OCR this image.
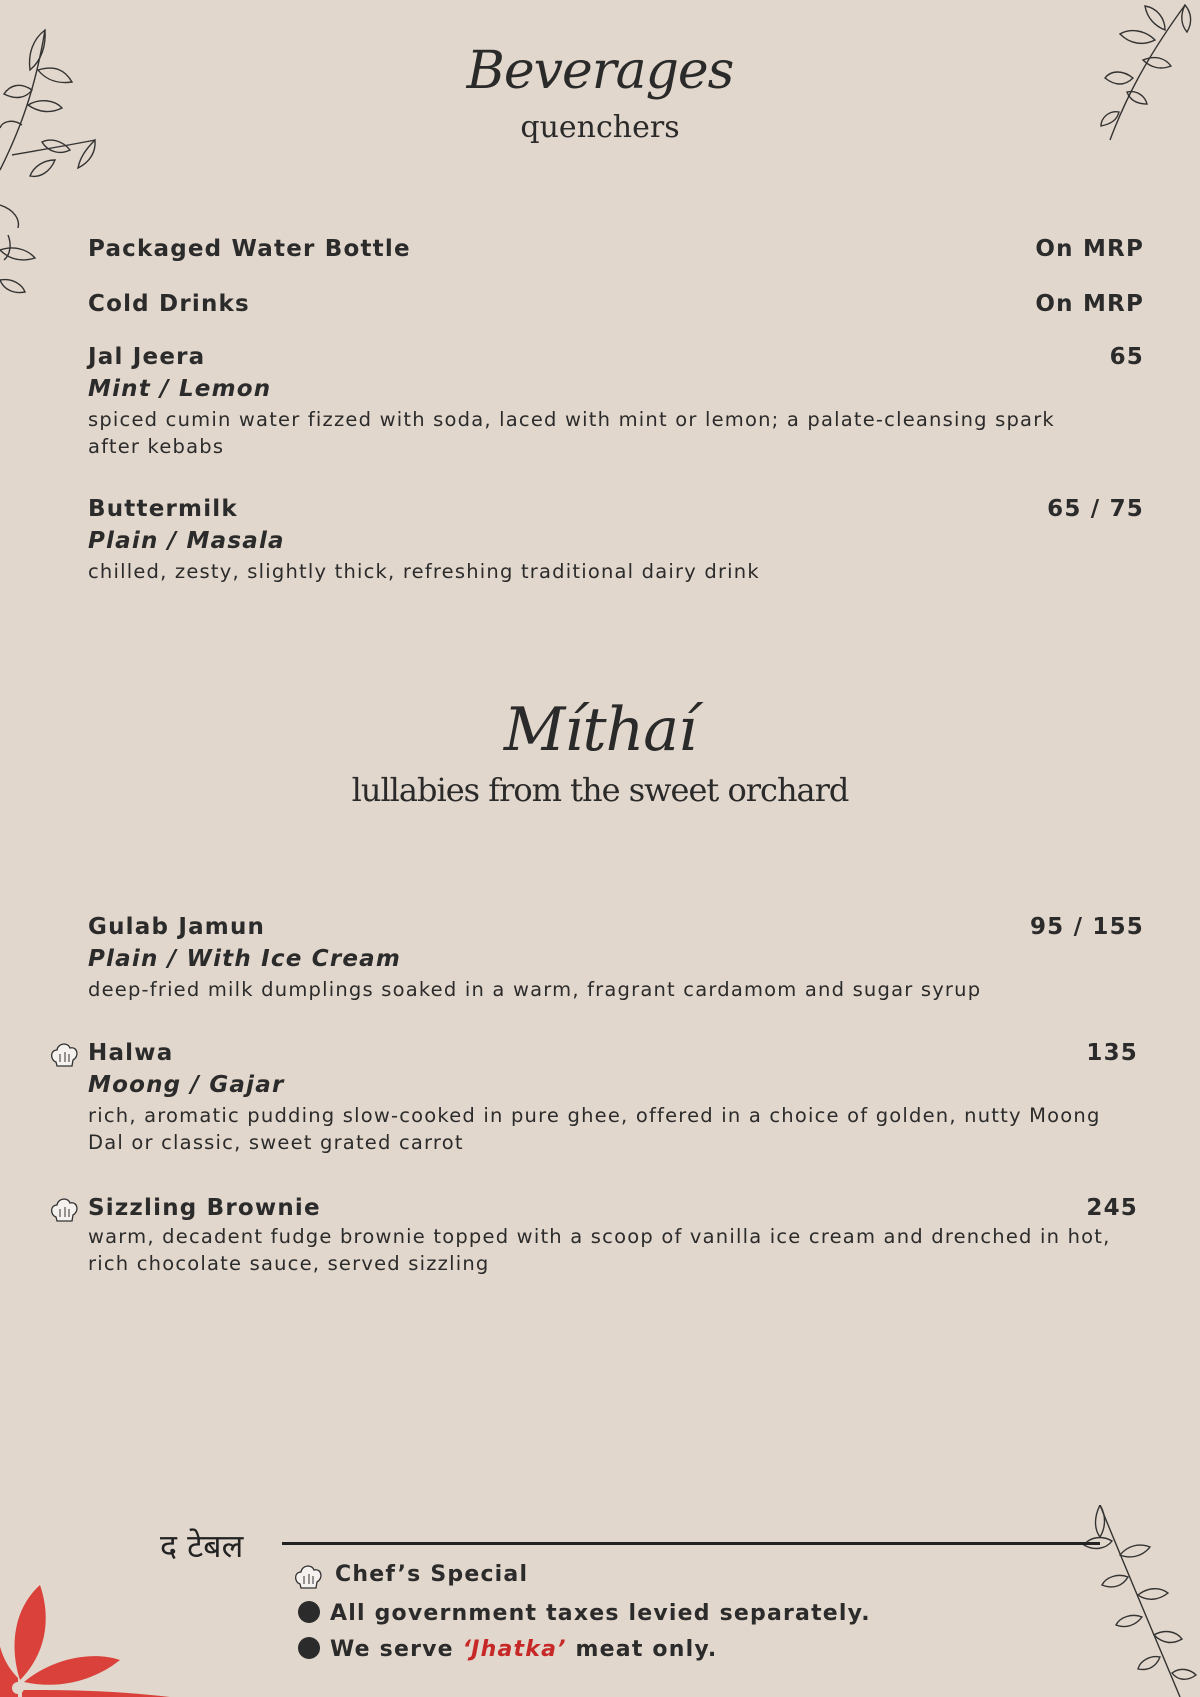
Beverages
quenchers
Packaged Water Bottle	On MRP
Cold Drinks	On MRP
Jal Jeera	65
Mint / Lemon
spiced cumin water fizzed with soda, laced with mint or lemon; a palate-cleansing spark after kebabs
Buttermilk	65 / 75
Plain / Masala
chilled, zesty, slightly thick, refreshing traditional dairy drink
Míthaí
lullabies from the sweet orchard
Gulab Jamun	95 / 155
Plain / With Ice Cream
deep-fried milk dumplings soaked in a warm, fragrant cardamom and sugar syrup
Halwa	135
Moong / Gajar
rich, aromatic pudding slow-cooked in pure ghee, offered in a choice of golden, nutty Moong Dal or classic, sweet grated carrot
Sizzling Brownie	245
warm, decadent fudge brownie topped with a scoop of vanilla ice cream and drenched in hot, rich chocolate sauce, served sizzling
द टेबल
Chef’s Special
All government taxes levied separately.
We serve ‘Jhatka’ meat only.
